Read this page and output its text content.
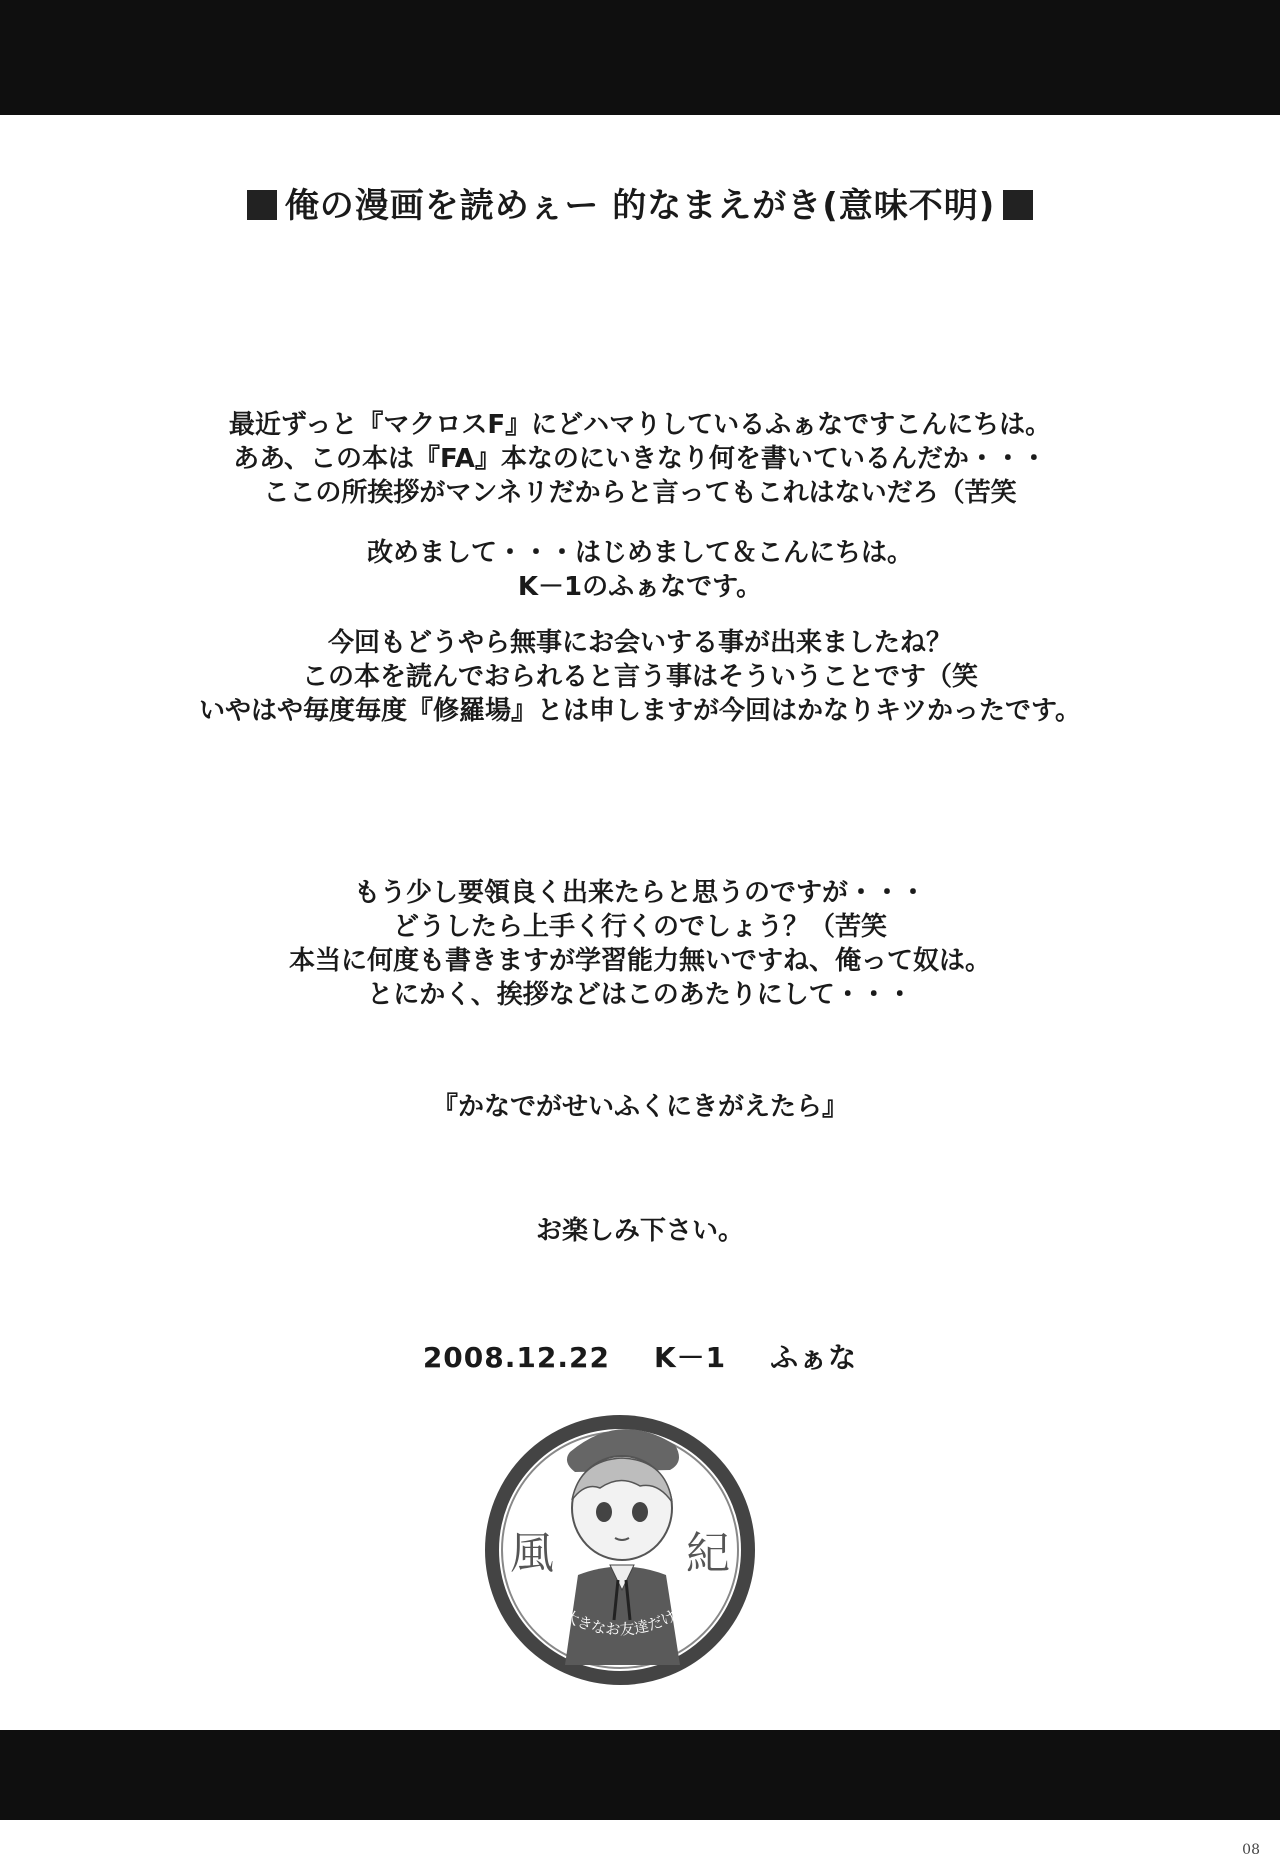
俺の漫画を読めぇー 的なまえがき(意味不明)
最近ずっと『マクロスF』にどハマりしているふぁなですこんにちは。
ああ、この本は『FA』本なのにいきなり何を書いているんだか・・・
ここの所挨拶がマンネリだからと言ってもこれはないだろ（苦笑
改めまして・・・はじめまして＆こんにちは。
K－1のふぁなです。
今回もどうやら無事にお会いする事が出来ましたね？
この本を読んでおられると言う事はそういうことです（笑
いやはや毎度毎度『修羅場』とは申しますが今回はかなりキツかったです。
もう少し要領良く出来たらと思うのですが・・・
どうしたら上手く行くのでしょう？（苦笑
本当に何度も書きますが学習能力無いですね、俺って奴は。
とにかく、挨拶などはこのあたりにして・・・
『かなでがせいふくにきがえたら』
お楽しみ下さい。
2008.12.22 K－1 ふぁな
風	紀
大きなお友達だけ
08
